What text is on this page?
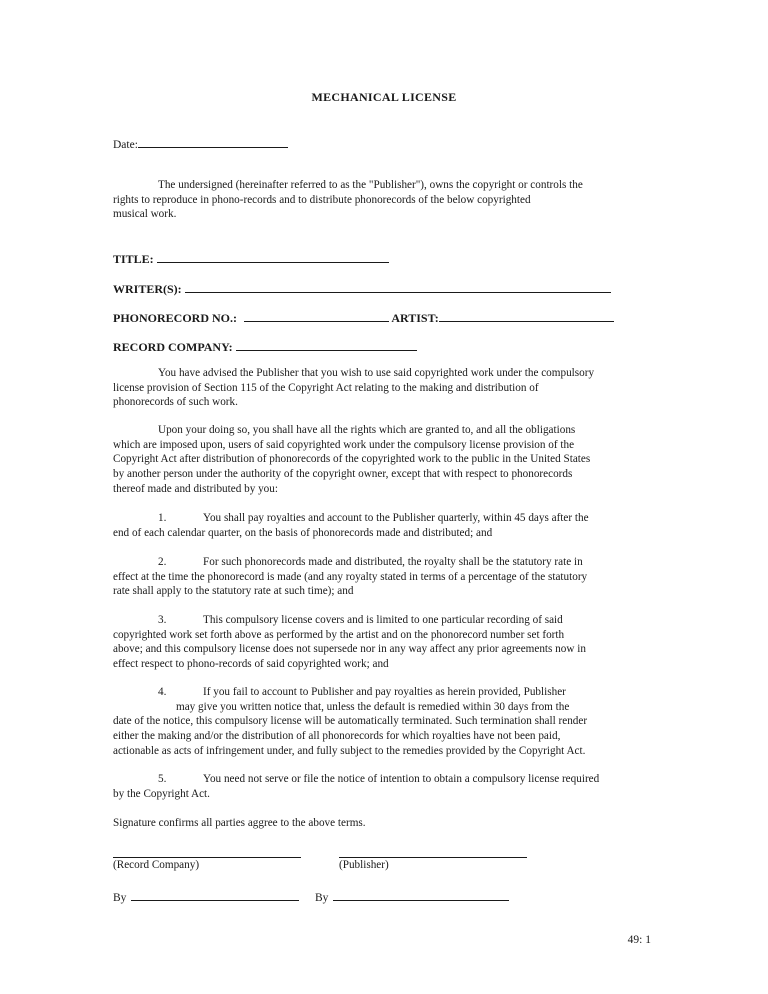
MECHANICAL LICENSE
Date:
The undersigned (hereinafter referred to as the "Publisher"), owns the copyright or controls the
rights to reproduce in phono-records and to distribute phonorecords of the below copyrighted
musical work.
TITLE:
WRITER(S):
PHONORECORD NO.:	ARTIST:
RECORD COMPANY:
You have advised the Publisher that you wish to use said copyrighted work under the compulsory
license provision of Section 115 of the Copyright Act relating to the making and distribution of
phonorecords of such work.
Upon your doing so, you shall have all the rights which are granted to, and all the obligations
which are imposed upon, users of said copyrighted work under the compulsory license provision of the
Copyright Act after distribution of phonorecords of the copyrighted work to the public in the United States
by another person under the authority of the copyright owner, except that with respect to phonorecords
thereof made and distributed by you:
1.	You shall pay royalties and account to the Publisher quarterly, within 45 days after the
end of each calendar quarter, on the basis of phonorecords made and distributed; and
2.	For such phonorecords made and distributed, the royalty shall be the statutory rate in
effect at the time the phonorecord is made (and any royalty stated in terms of a percentage of the statutory
rate shall apply to the statutory rate at such time); and
3.	This compulsory license covers and is limited to one particular recording of said
copyrighted work set forth above as performed by the artist and on the phonorecord number set forth
above; and this compulsory license does not supersede nor in any way affect any prior agreements now in
effect respect to phono-records of said copyrighted work; and
4.	If you fail to account to Publisher and pay royalties as herein provided, Publisher
may give you written notice that, unless the default is remedied within 30 days from the
date of the notice, this compulsory license will be automatically terminated. Such termination shall render
either the making and/or the distribution of all phonorecords for which royalties have not been paid,
actionable as acts of infringement under, and fully subject to the remedies provided by the Copyright Act.
5.	You need not serve or file the notice of intention to obtain a compulsory license required
by the Copyright Act.
Signature confirms all parties aggree to the above terms.
(Record Company)	(Publisher)
By	By
49: 1
